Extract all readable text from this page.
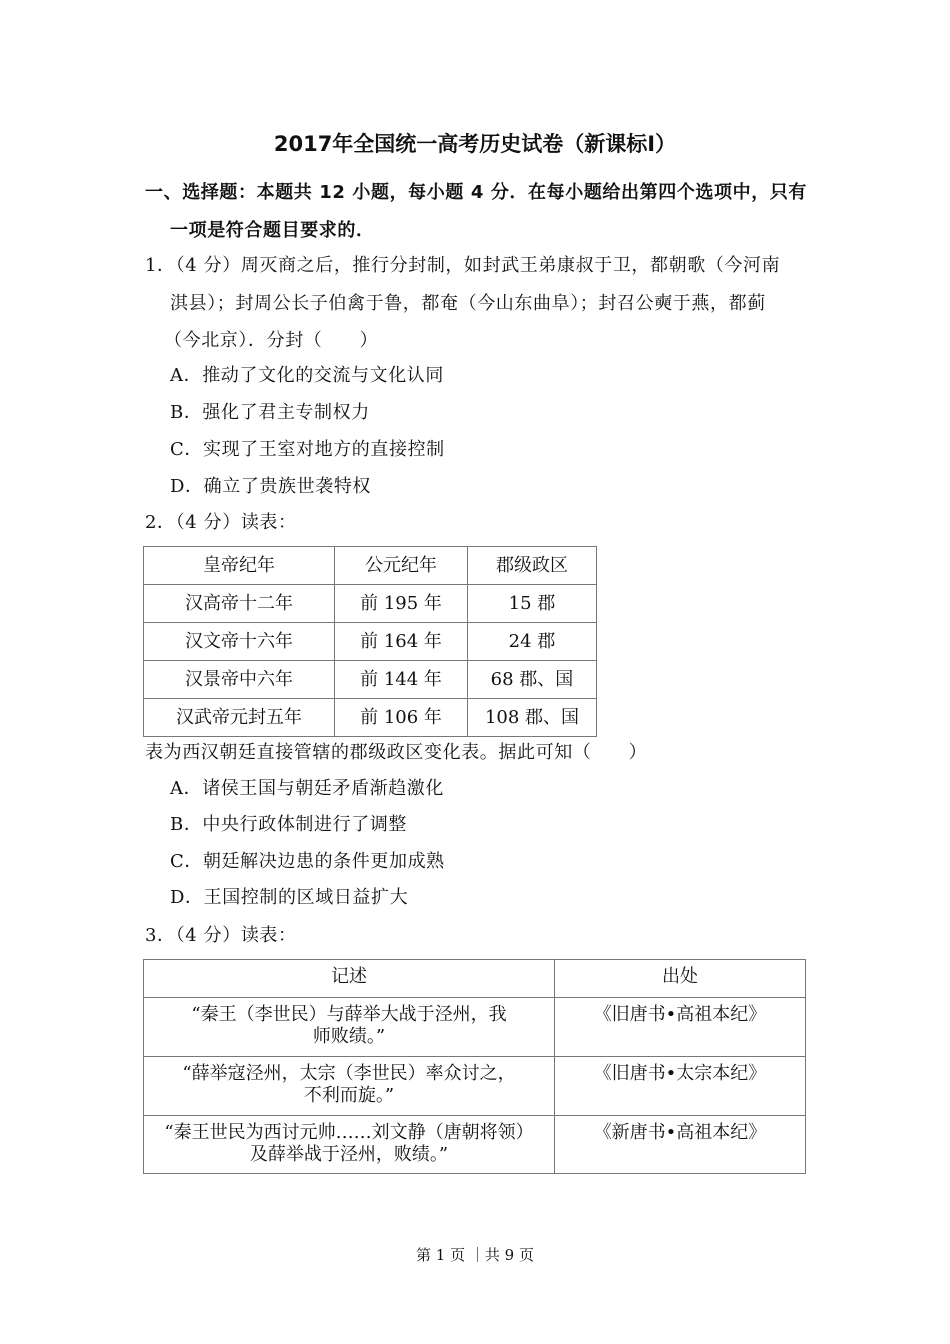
2017年全国统一高考历史试卷（新课标Ⅰ）
一、选择题：本题共 12 小题，每小题 4 分．在每小题给出第四个选项中，只有
一项是符合题目要求的．
1．（4 分）周灭商之后，推行分封制，如封武王弟康叔于卫，都朝歌（今河南
淇县）；封周公长子伯禽于鲁，都奄（今山东曲阜）；封召公奭于燕，都蓟
（今北京）．分封（　　）
A．推动了文化的交流与文化认同
B．强化了君主专制权力
C．实现了王室对地方的直接控制
D．确立了贵族世袭特权
2．（4 分）读表：
皇帝纪年	公元纪年	郡级政区
汉高帝十二年	前 195 年	15 郡
汉文帝十六年	前 164 年	24 郡
汉景帝中六年	前 144 年	68 郡、国
汉武帝元封五年	前 106 年	108 郡、国
表为西汉朝廷直接管辖的郡级政区变化表。据此可知（　　）
A．诸侯王国与朝廷矛盾渐趋激化
B．中央行政体制进行了调整
C．朝廷解决边患的条件更加成熟
D．王国控制的区域日益扩大
3．（4 分）读表：
记述	出处
“秦王（李世民）与薛举大战于泾州，我师败绩。”	《旧唐书•高祖本纪》
“薛举寇泾州，太宗（李世民）率众讨之，不利而旋。”	《旧唐书•太宗本纪》
“秦王世民为西讨元帅……刘文静（唐朝将领）及薛举战于泾州，败绩。”	《新唐书•高祖本纪》
第 1 页 ｜共 9 页
